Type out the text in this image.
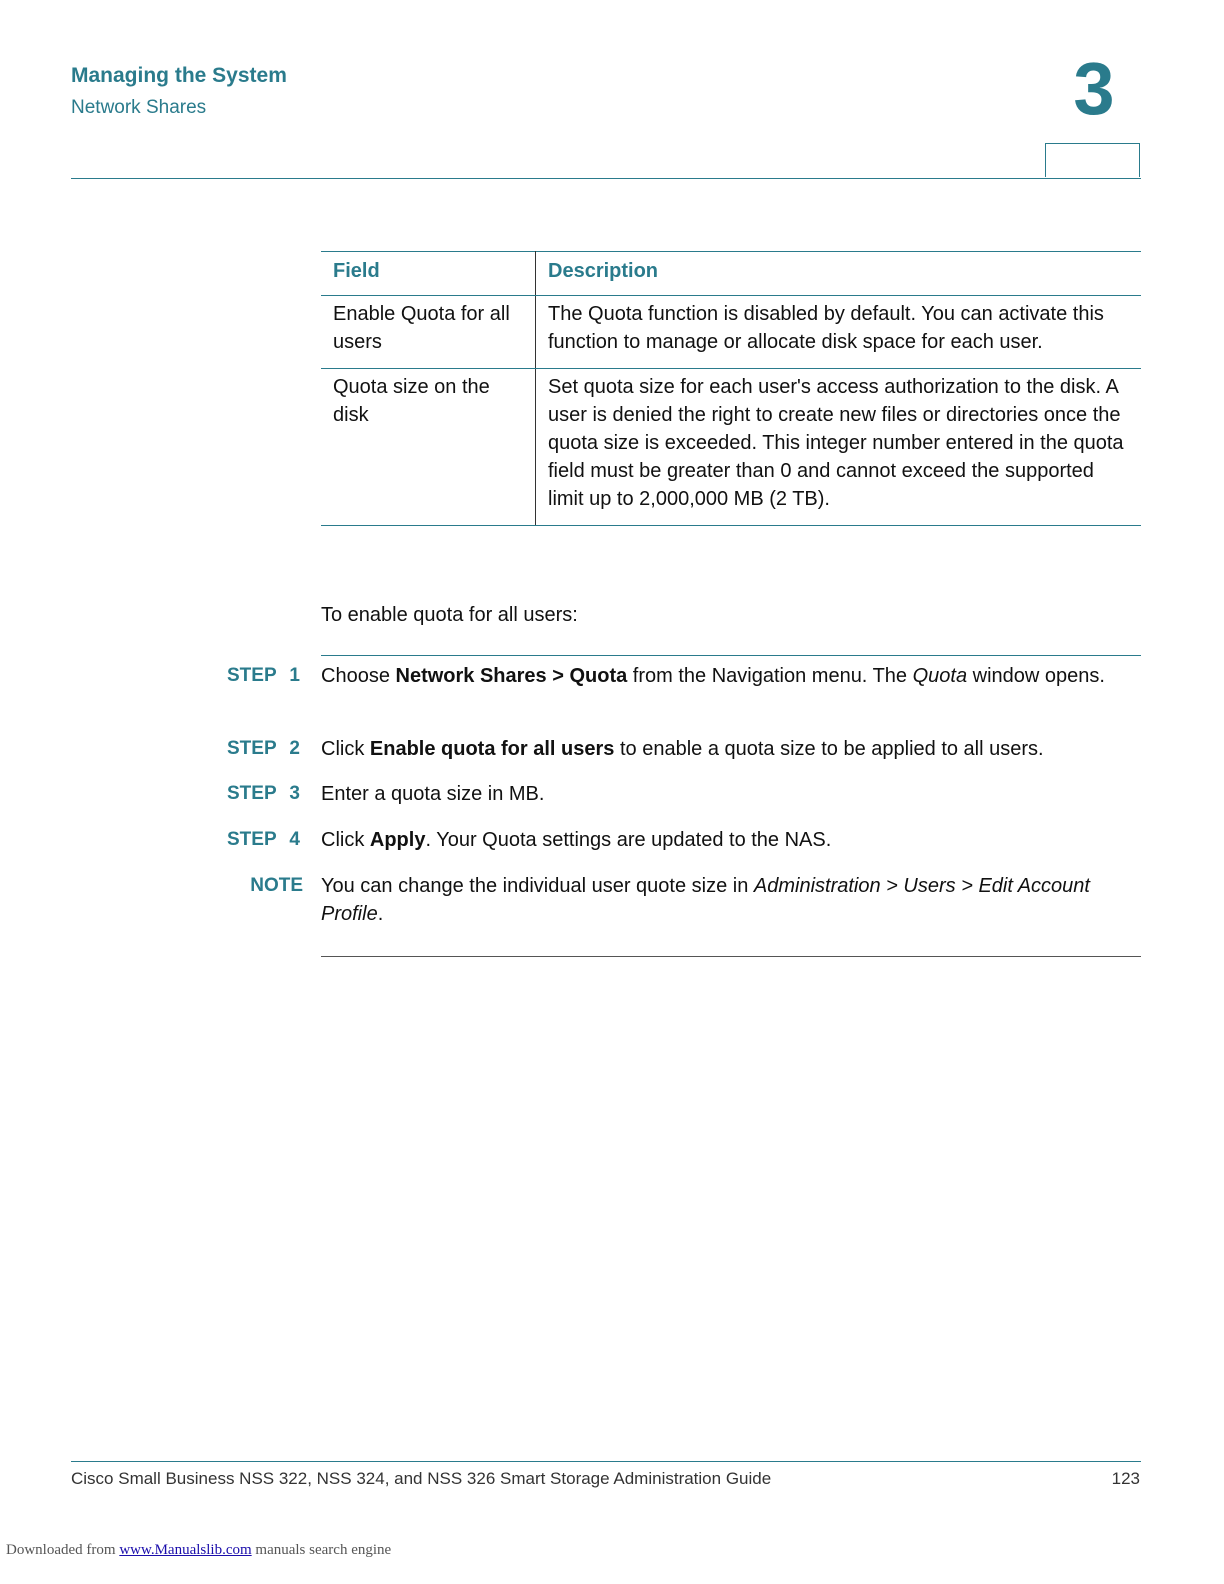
Managing the System
Network Shares	3
Field	Description
Enable Quota for all users	The Quota function is disabled by default. You can activate this function to manage or allocate disk space for each user.
Quota size on the disk	Set quota size for each user's access authorization to the disk. A user is denied the right to create new files or directories once the quota size is exceeded. This integer number entered in the quota field must be greater than 0 and cannot exceed the supported limit up to 2,000,000 MB (2 TB).
To enable quota for all users:
STEP 1 Choose Network Shares > Quota from the Navigation menu. The Quota window opens.
STEP 2 Click Enable quota for all users to enable a quota size to be applied to all users.
STEP 3 Enter a quota size in MB.
STEP 4 Click Apply. Your Quota settings are updated to the NAS.
NOTE You can change the individual user quote size in Administration > Users > Edit Account Profile.
Cisco Small Business NSS 322, NSS 324, and NSS 326 Smart Storage Administration Guide	123
Downloaded from www.Manualslib.com manuals search engine
